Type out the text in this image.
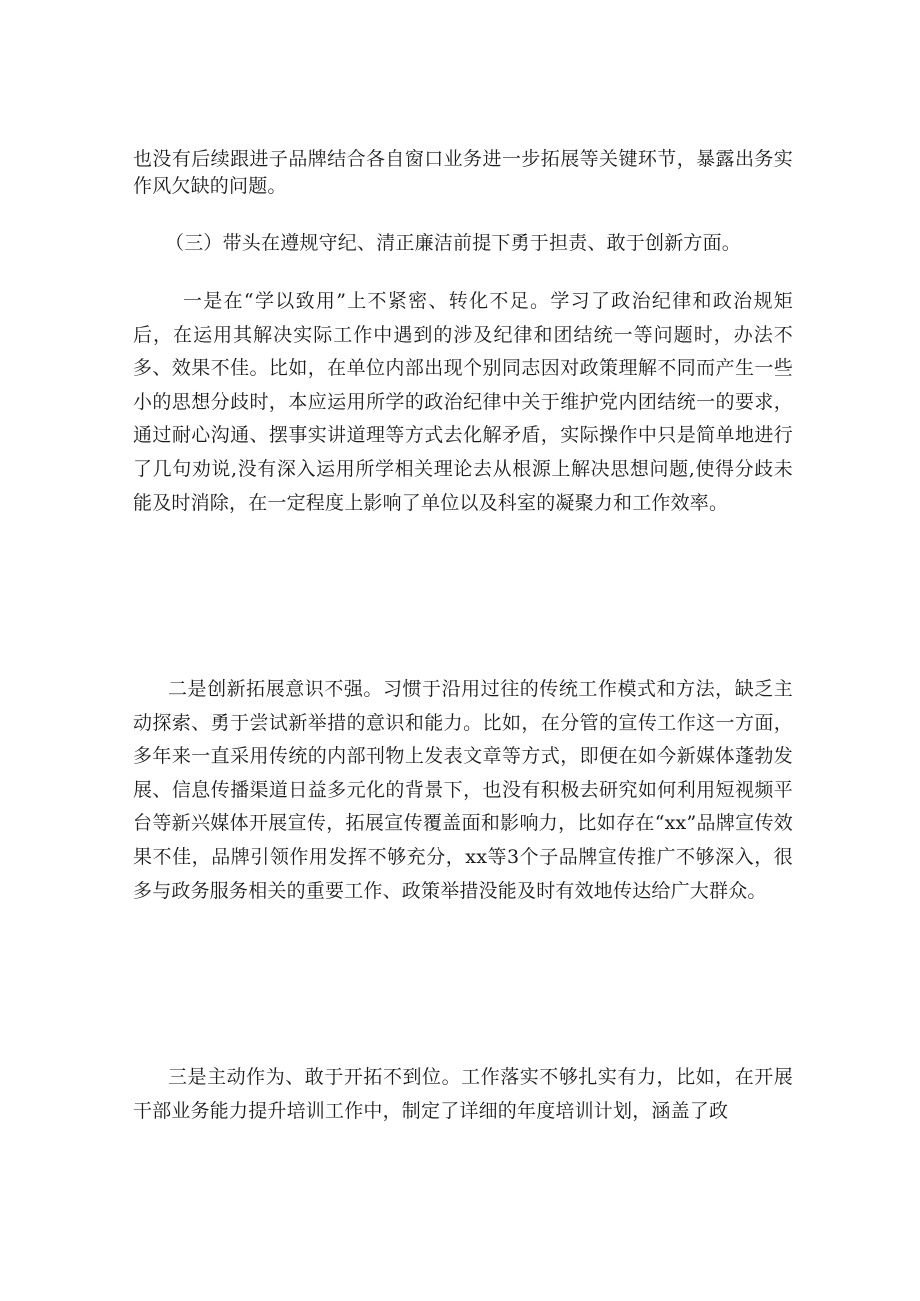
也没有后续跟进子品牌结合各自窗口业务进一步拓展等关键环节，暴露出务实作风欠缺的问题。

（三）带头在遵规守纪、清正廉洁前提下勇于担责、敢于创新方面。

一是在“学以致用”上不紧密、转化不足。学习了政治纪律和政治规矩后，在运用其解决实际工作中遇到的涉及纪律和团结统一等问题时，办法不多、效果不佳。比如，在单位内部出现个别同志因对政策理解不同而产生一些小的思想分歧时，本应运用所学的政治纪律中关于维护党内团结统一的要求，通过耐心沟通、摆事实讲道理等方式去化解矛盾，实际操作中只是简单地进行了几句劝说,没有深入运用所学相关理论去从根源上解决思想问题,使得分歧未能及时消除，在一定程度上影响了单位以及科室的凝聚力和工作效率。

二是创新拓展意识不强。习惯于沿用过往的传统工作模式和方法，缺乏主动探索、勇于尝试新举措的意识和能力。比如，在分管的宣传工作这一方面，多年来一直采用传统的内部刊物上发表文章等方式，即便在如今新媒体蓬勃发展、信息传播渠道日益多元化的背景下，也没有积极去研究如何利用短视频平台等新兴媒体开展宣传，拓展宣传覆盖面和影响力，比如存在“xx”品牌宣传效果不佳，品牌引领作用发挥不够充分，xx等3个子品牌宣传推广不够深入，很多与政务服务相关的重要工作、政策举措没能及时有效地传达给广大群众。

三是主动作为、敢于开拓不到位。工作落实不够扎实有力，比如，在开展干部业务能力提升培训工作中，制定了详细的年度培训计划，涵盖了政
